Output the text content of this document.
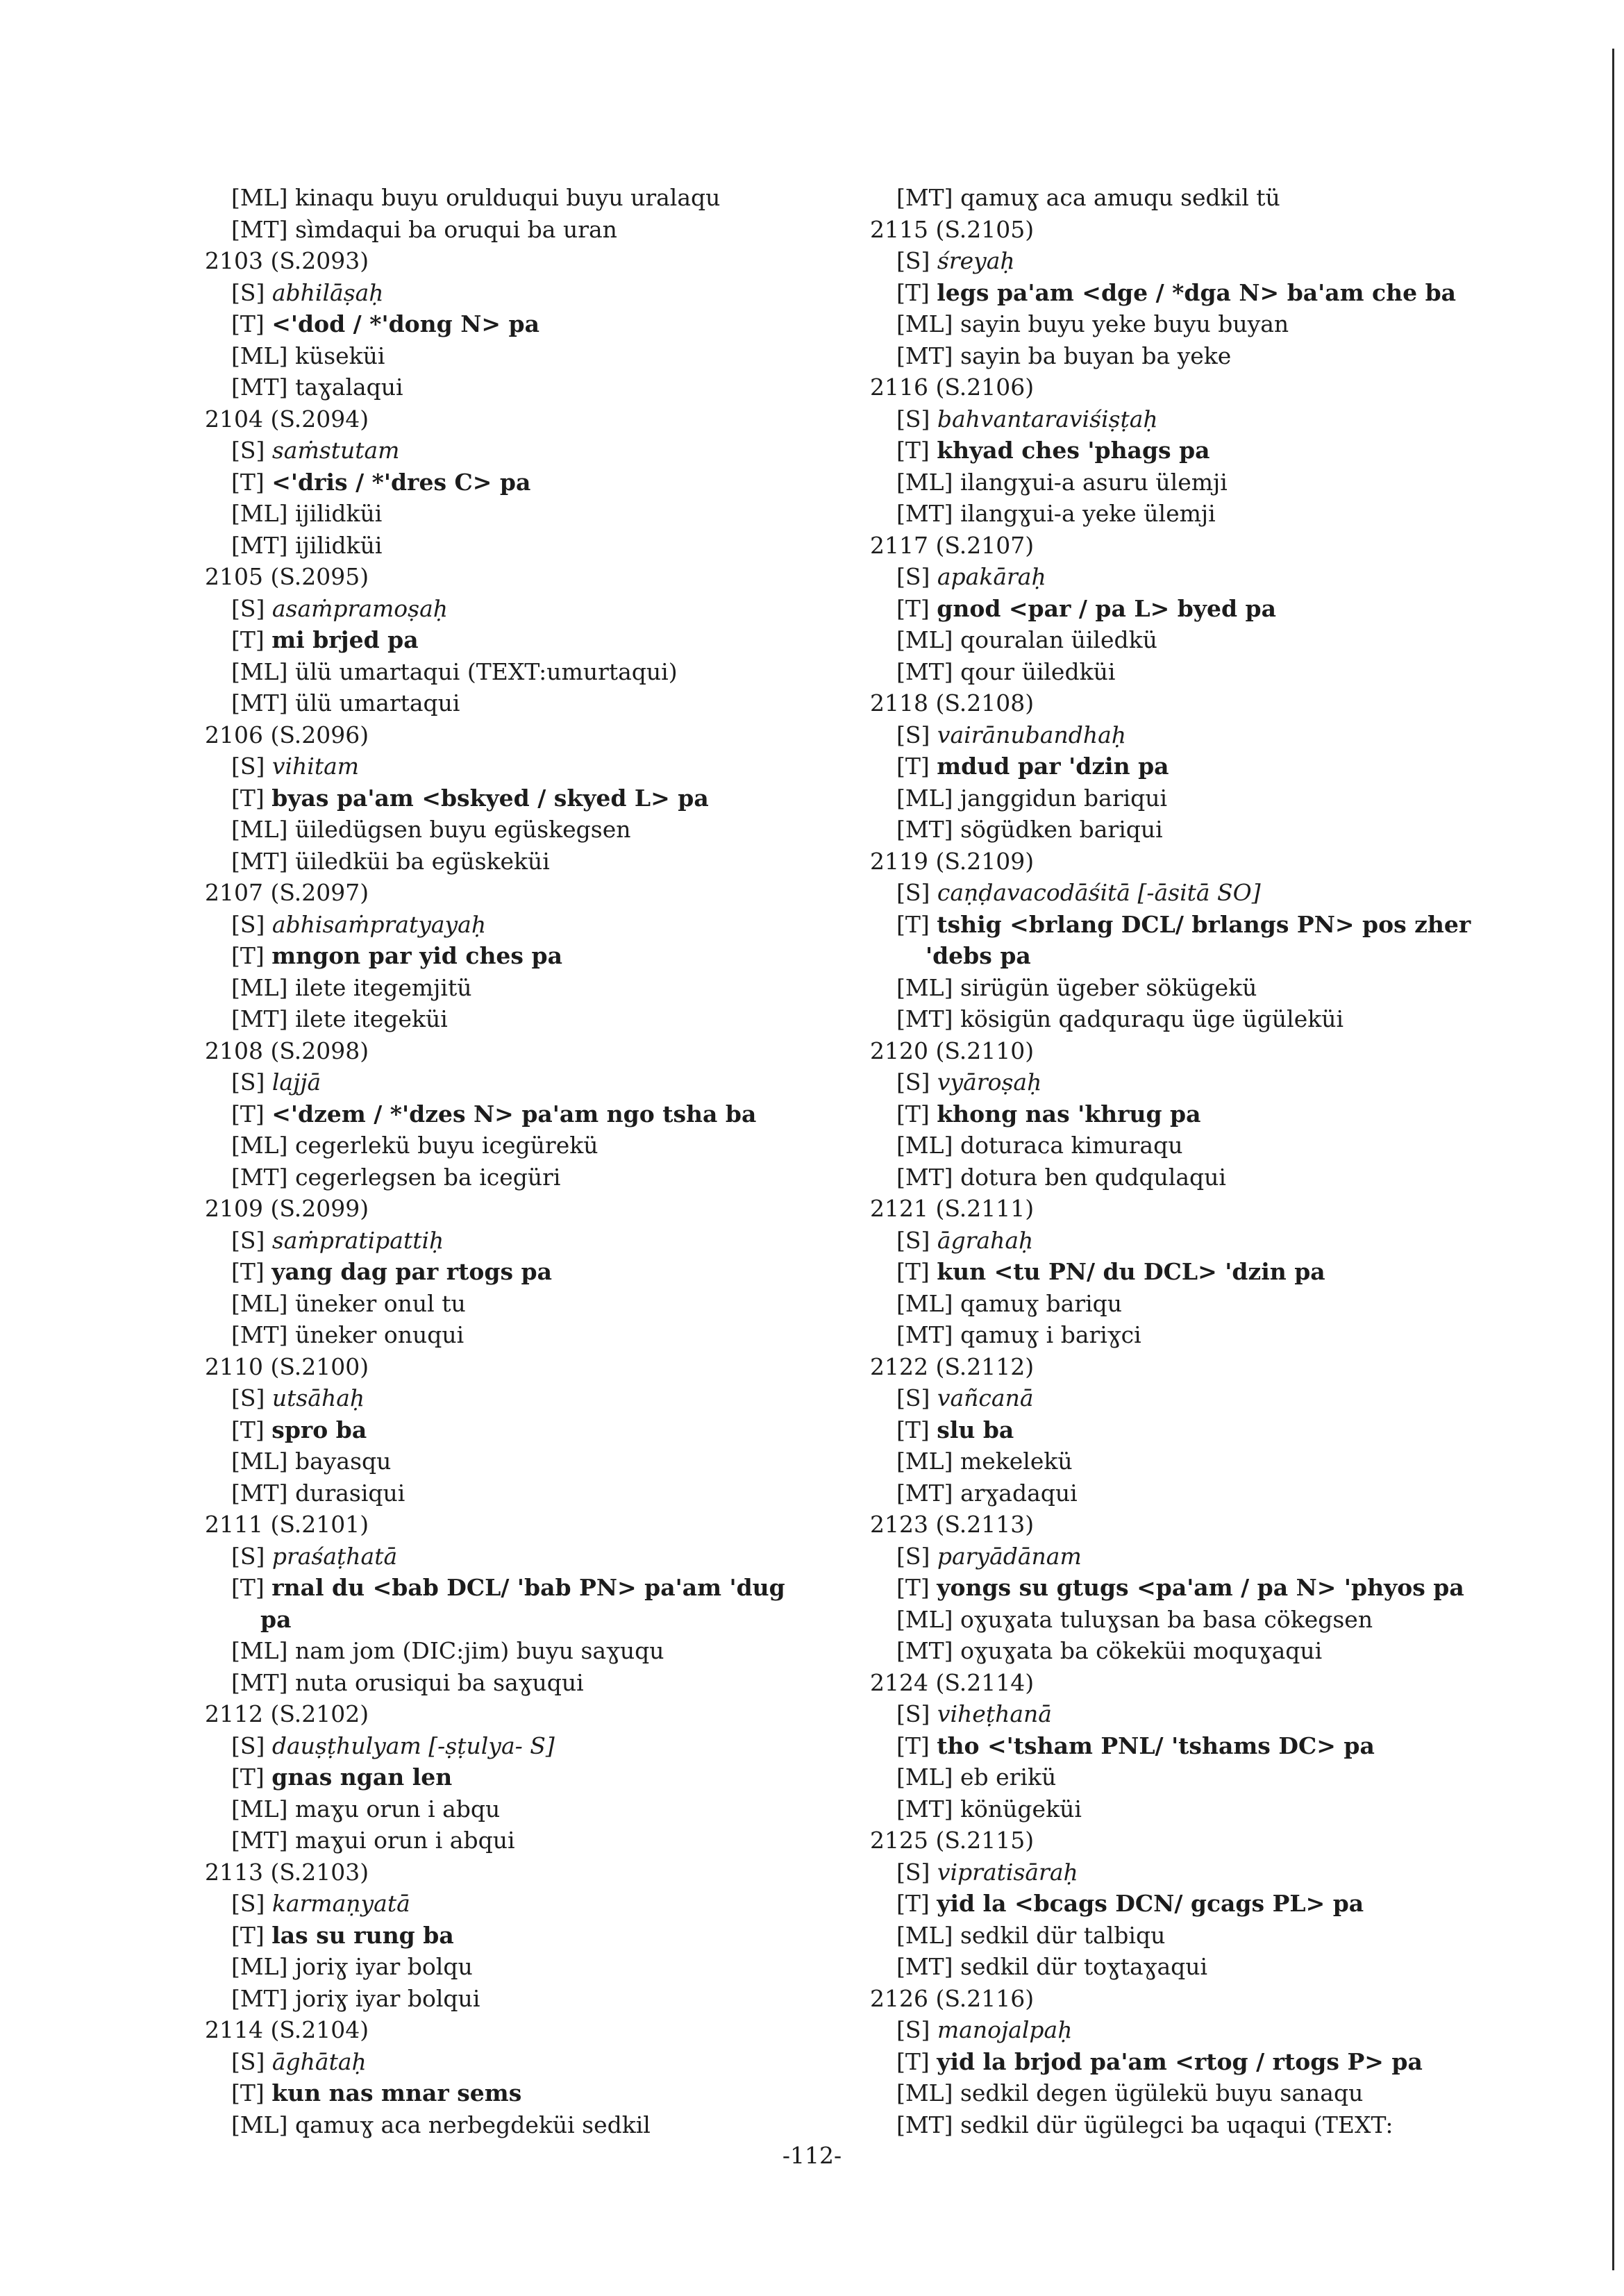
[ML] kinaqu buyu orulduqui buyu uralaqu
[MT] sìmdaqui ba oruqui ba uran
2103 (S.2093)
[S] abhilāṣaḥ
[T] <'dod / *'dong N> pa
[ML] küseküi
[MT] taɣalaqui
2104 (S.2094)
[S] saṁstutam
[T] <'dris / *'dres C> pa
[ML] ijilidküi
[MT] ijilidküi
2105 (S.2095)
[S] asaṁpramoṣaḥ
[T] mi brjed pa
[ML] ülü umartaqui (TEXT:umurtaqui)
[MT] ülü umartaqui
2106 (S.2096)
[S] vihitam
[T] byas pa'am <bskyed / skyed L> pa
[ML] üiledügsen buyu egüskegsen
[MT] üiledküi ba egüskeküi
2107 (S.2097)
[S] abhisaṁpratyayaḥ
[T] mngon par yid ches pa
[ML] ilete itegemjitü
[MT] ilete itegeküi
2108 (S.2098)
[S] lajjā
[T] <'dzem / *'dzes N> pa'am ngo tsha ba
[ML] cegerlekü buyu icegürekü
[MT] cegerlegsen ba icegüri
2109 (S.2099)
[S] saṁpratipattiḥ
[T] yang dag par rtogs pa
[ML] üneker onul tu
[MT] üneker onuqui
2110 (S.2100)
[S] utsāhaḥ
[T] spro ba
[ML] bayasqu
[MT] durasiqui
2111 (S.2101)
[S] praśaṭhatā
[T] rnal du <bab DCL/ 'bab PN> pa'am 'dug
pa
[ML] nam jom (DIC:jim) buyu saɣuqu
[MT] nuta orusiqui ba saɣuqui
2112 (S.2102)
[S] dauṣṭhulyam [-ṣṭulya- S]
[T] gnas ngan len
[ML] maɣu orun i abqu
[MT] maɣui orun i abqui
2113 (S.2103)
[S] karmaṇyatā
[T] las su rung ba
[ML] joriɣ iyar bolqu
[MT] joriɣ iyar bolqui
2114 (S.2104)
[S] āghātaḥ
[T] kun nas mnar sems
[ML] qamuɣ aca nerbegdeküi sedkil
[MT] qamuɣ aca amuqu sedkil tü
2115 (S.2105)
[S] śreyaḥ
[T] legs pa'am <dge / *dga N> ba'am che ba
[ML] sayin buyu yeke buyu buyan
[MT] sayin ba buyan ba yeke
2116 (S.2106)
[S] bahvantaraviśiṣṭaḥ
[T] khyad ches 'phags pa
[ML] ilangɣui-a asuru ülemji
[MT] ilangɣui-a yeke ülemji
2117 (S.2107)
[S] apakāraḥ
[T] gnod <par / pa L> byed pa
[ML] qouralan üiledkü
[MT] qour üiledküi
2118 (S.2108)
[S] vairānubandhaḥ
[T] mdud par 'dzin pa
[ML] janggidun bariqui
[MT] sögüdken bariqui
2119 (S.2109)
[S] caṇḍavacodāśitā [-āsitā SO]
[T] tshig <brlang DCL/ brlangs PN> pos zher
'debs pa
[ML] sirügün ügeber sökügekü
[MT] kösigün qadquraqu üge ügüleküi
2120 (S.2110)
[S] vyāroṣaḥ
[T] khong nas 'khrug pa
[ML] doturaca kimuraqu
[MT] dotura ben qudqulaqui
2121 (S.2111)
[S] āgrahaḥ
[T] kun <tu PN/ du DCL> 'dzin pa
[ML] qamuɣ bariqu
[MT] qamuɣ i bariɣci
2122 (S.2112)
[S] vañcanā
[T] slu ba
[ML] mekelekü
[MT] arɣadaqui
2123 (S.2113)
[S] paryādānam
[T] yongs su gtugs <pa'am / pa N> 'phyos pa
[ML] oɣuɣata tuluɣsan ba basa cökegsen
[MT] oɣuɣata ba cökeküi moquɣaqui
2124 (S.2114)
[S] viheṭhanā
[T] tho <'tsham PNL/ 'tshams DC> pa
[ML] eb erikü
[MT] könügeküi
2125 (S.2115)
[S] vipratisāraḥ
[T] yid la <bcags DCN/ gcags PL> pa
[ML] sedkil dür talbiqu
[MT] sedkil dür toɣtaɣaqui
2126 (S.2116)
[S] manojalpaḥ
[T] yid la brjod pa'am <rtog / rtogs P> pa
[ML] sedkil degen ügülekü buyu sanaqu
[MT] sedkil dür ügülegci ba uqaqui (TEXT:
-112-
